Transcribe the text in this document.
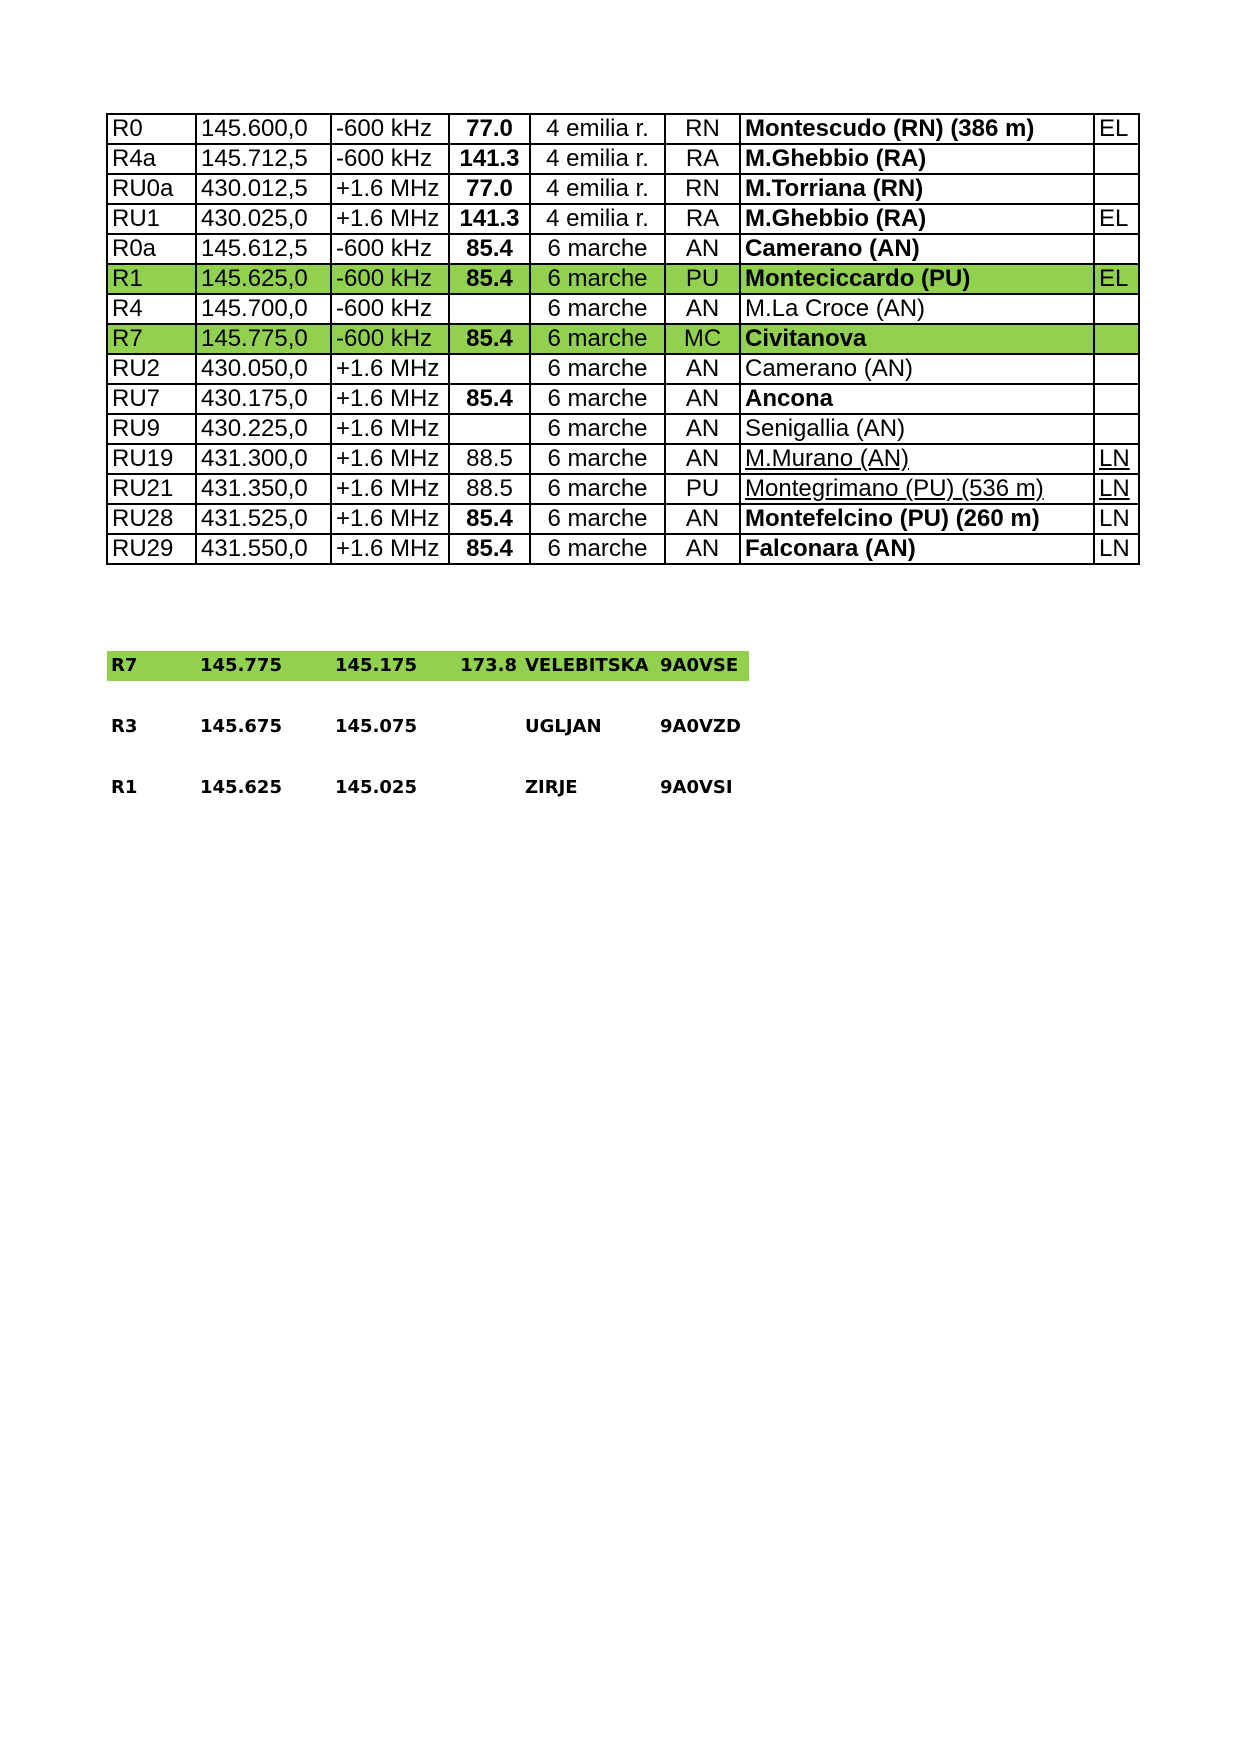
R0	145.600,0	-600 kHz	77.0	4 emilia r.	RN	Montescudo (RN) (386 m)	EL
R4a	145.712,5	-600 kHz	141.3	4 emilia r.	RA	M.Ghebbio (RA)	
RU0a	430.012,5	+1.6 MHz	77.0	4 emilia r.	RN	M.Torriana (RN)	
RU1	430.025,0	+1.6 MHz	141.3	4 emilia r.	RA	M.Ghebbio (RA)	EL
R0a	145.612,5	-600 kHz	85.4	6 marche	AN	Camerano (AN)	
R1	145.625,0	-600 kHz	85.4	6 marche	PU	Monteciccardo (PU)	EL
R4	145.700,0	-600 kHz		6 marche	AN	M.La Croce (AN)	
R7	145.775,0	-600 kHz	85.4	6 marche	MC	Civitanova	
RU2	430.050,0	+1.6 MHz		6 marche	AN	Camerano (AN)	
RU7	430.175,0	+1.6 MHz	85.4	6 marche	AN	Ancona	
RU9	430.225,0	+1.6 MHz		6 marche	AN	Senigallia (AN)	
RU19	431.300,0	+1.6 MHz	88.5	6 marche	AN	M.Murano (AN)	LN
RU21	431.350,0	+1.6 MHz	88.5	6 marche	PU	Montegrimano (PU) (536 m)	LN
RU28	431.525,0	+1.6 MHz	85.4	6 marche	AN	Montefelcino (PU) (260 m)	LN
RU29	431.550,0	+1.6 MHz	85.4	6 marche	AN	Falconara (AN)	LN
R7	145.775	145.175	173.8	VELEBITSKA	9A0VSE

R3	145.675	145.075		UGLJAN	9A0VZD

R1	145.625	145.025		ZIRJE	9A0VSI
